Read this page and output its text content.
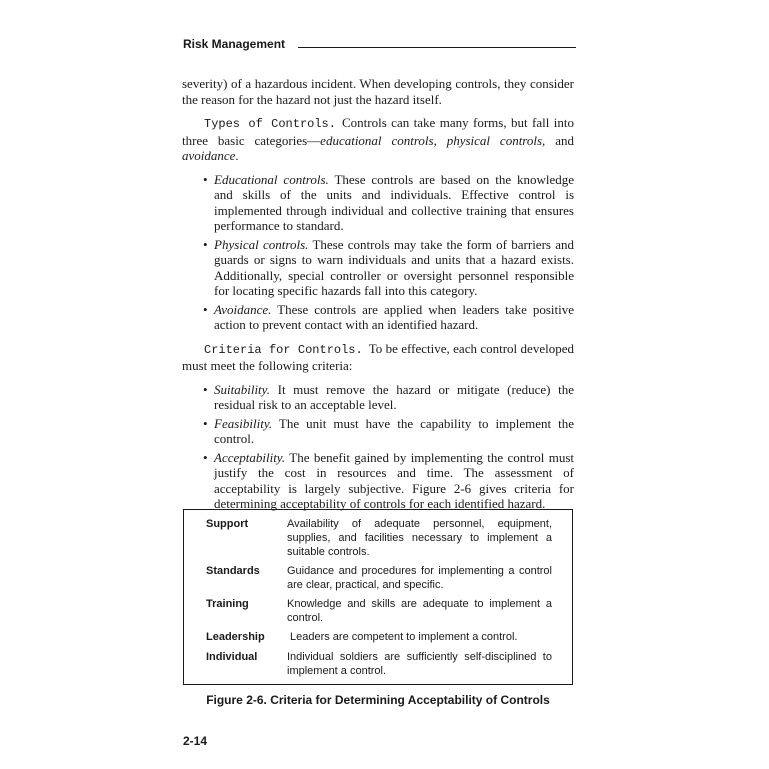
Risk Management

severity) of a hazardous incident. When developing controls, they consider the reason for the hazard not just the hazard itself.

Types of Controls. Controls can take many forms, but fall into three basic categories—educational controls, physical controls, and avoidance.

• Educational controls. These controls are based on the knowledge and skills of the units and individuals. Effective control is implemented through individual and collective training that ensures performance to standard.
• Physical controls. These controls may take the form of barriers and guards or signs to warn individuals and units that a hazard exists. Additionally, special controller or oversight personnel responsible for locating specific hazards fall into this category.
• Avoidance. These controls are applied when leaders take positive action to prevent contact with an identified hazard.

Criteria for Controls. To be effective, each control developed must meet the following criteria:

• Suitability. It must remove the hazard or mitigate (reduce) the residual risk to an acceptable level.
• Feasibility. The unit must have the capability to implement the control.
• Acceptability. The benefit gained by implementing the control must justify the cost in resources and time. The assessment of acceptability is largely subjective. Figure 2-6 gives criteria for determining acceptability of controls for each identified hazard.
Support	Availability of adequate personnel, equipment, supplies, and facilities necessary to implement a suitable controls.
Standards Guidance and procedures for implementing a control are clear, practical, and specific.
Training	Knowledge and skills are adequate to implement a control.
Leadership Leaders are competent to implement a control.
Individual	Individual soldiers are sufficiently self-disciplined to implement a control.
Figure 2-6. Criteria for Determining Acceptability of Controls
2-14
